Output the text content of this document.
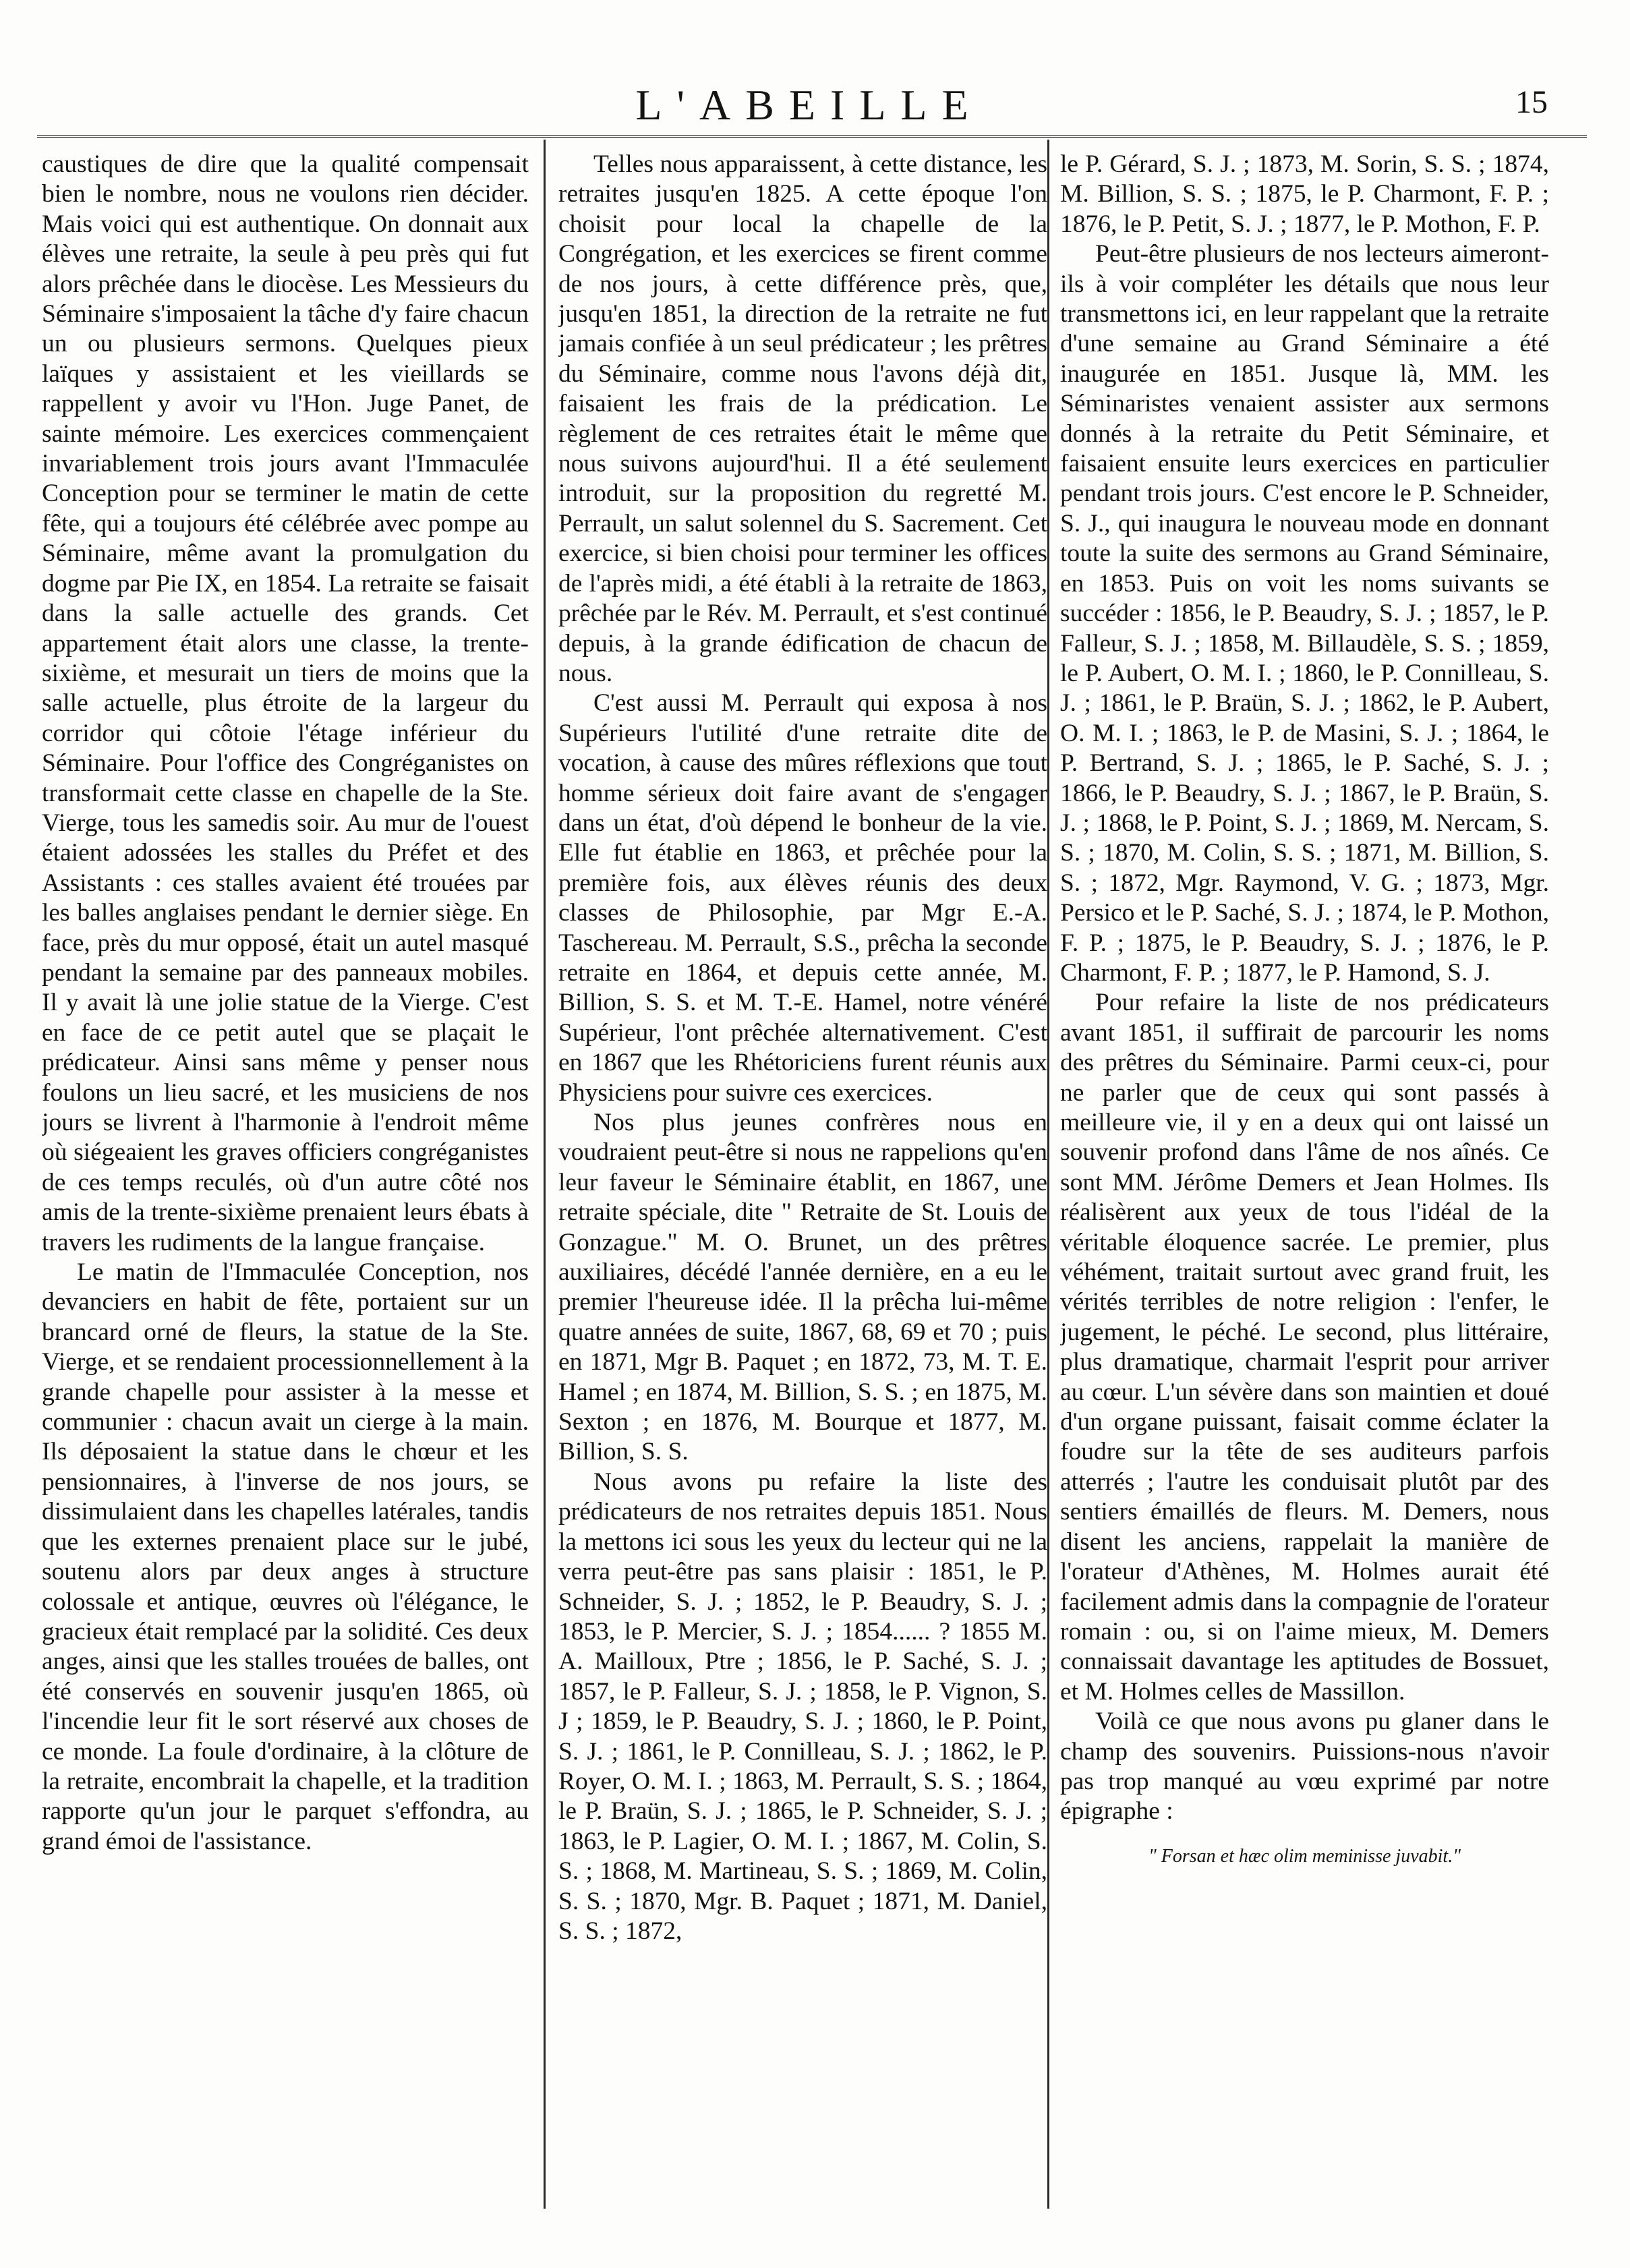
L'ABEILLE	15

caustiques de dire que la qualité compensait bien le nombre, nous ne voulons rien décider. Mais voici qui est authentique. On donnait aux élèves une retraite, la seule à peu près qui fut alors prêchée dans le diocèse. Les Messieurs du Séminaire s'imposaient la tâche d'y faire chacun un ou plusieurs sermons. Quelques pieux laïques y assistaient et les vieillards se rappellent y avoir vu l'Hon. Juge Panet, de sainte mémoire. Les exercices commençaient invariablement trois jours avant l'Immaculée Conception pour se terminer le matin de cette fête, qui a toujours été célébrée avec pompe au Séminaire, même avant la promulgation du dogme par Pie IX, en 1854. La retraite se faisait dans la salle actuelle des grands. Cet appartement était alors une classe, la trente-sixième, et mesurait un tiers de moins que la salle actuelle, plus étroite de la largeur du corridor qui côtoie l'étage inférieur du Séminaire. Pour l'office des Congréganistes on transformait cette classe en chapelle de la Ste. Vierge, tous les samedis soir. Au mur de l'ouest étaient adossées les stalles du Préfet et des Assistants : ces stalles avaient été trouées par les balles anglaises pendant le dernier siège. En face, près du mur opposé, était un autel masqué pendant la semaine par des panneaux mobiles. Il y avait là une jolie statue de la Vierge. C'est en face de ce petit autel que se plaçait le prédicateur. Ainsi sans même y penser nous foulons un lieu sacré, et les musiciens de nos jours se livrent à l'harmonie à l'endroit même où siégeaient les graves officiers congréganistes de ces temps reculés, où d'un autre côté nos amis de la trente-sixième prenaient leurs ébats à travers les rudiments de la langue française.

Le matin de l'Immaculée Conception, nos devanciers en habit de fête, portaient sur un brancard orné de fleurs, la statue de la Ste. Vierge, et se rendaient processionnellement à la grande chapelle pour assister à la messe et communier : chacun avait un cierge à la main. Ils déposaient la statue dans le chœur et les pensionnaires, à l'inverse de nos jours, se dissimulaient dans les chapelles latérales, tandis que les externes prenaient place sur le jubé, soutenu alors par deux anges à structure colossale et antique, œuvres où l'élégance, le gracieux était remplacé par la solidité. Ces deux anges, ainsi que les stalles trouées de balles, ont été conservés en souvenir jusqu'en 1865, où l'incendie leur fit le sort réservé aux choses de ce monde. La foule d'ordinaire, à la clôture de la retraite, encombrait la chapelle, et la tradition rapporte qu'un jour le parquet s'effondra, au grand émoi de l'assistance.

Telles nous apparaissent, à cette distance, les retraites jusqu'en 1825. A cette époque l'on choisit pour local la chapelle de la Congrégation, et les exercices se firent comme de nos jours, à cette différence près, que, jusqu'en 1851, la direction de la retraite ne fut jamais confiée à un seul prédicateur ; les prêtres du Séminaire, comme nous l'avons déjà dit, faisaient les frais de la prédication. Le règlement de ces retraites était le même que nous suivons aujourd'hui. Il a été seulement introduit, sur la proposition du regretté M. Perrault, un salut solennel du S. Sacrement. Cet exercice, si bien choisi pour terminer les offices de l'après midi, a été établi à la retraite de 1863, prêchée par le Rév. M. Perrault, et s'est continué depuis, à la grande édification de chacun de nous.

C'est aussi M. Perrault qui exposa à nos Supérieurs l'utilité d'une retraite dite de vocation, à cause des mûres réflexions que tout homme sérieux doit faire avant de s'engager dans un état, d'où dépend le bonheur de la vie. Elle fut établie en 1863, et prêchée pour la première fois, aux élèves réunis des deux classes de Philosophie, par Mgr E.-A. Taschereau. M. Perrault, S.S., prêcha la seconde retraite en 1864, et depuis cette année, M. Billion, S. S. et M. T.-E. Hamel, notre vénéré Supérieur, l'ont prêchée alternativement. C'est en 1867 que les Rhétoriciens furent réunis aux Physiciens pour suivre ces exercices.

Nos plus jeunes confrères nous en voudraient peut-être si nous ne rappelions qu'en leur faveur le Séminaire établit, en 1867, une retraite spéciale, dite " Retraite de St. Louis de Gonzague." M. O. Brunet, un des prêtres auxiliaires, décédé l'année dernière, en a eu le premier l'heureuse idée. Il la prêcha lui-même quatre années de suite, 1867, 68, 69 et 70 ; puis en 1871, Mgr B. Paquet ; en 1872, 73, M. T. E. Hamel ; en 1874, M. Billion, S. S. ; en 1875, M. Sexton ; en 1876, M. Bourque et 1877, M. Billion, S. S.

Nous avons pu refaire la liste des prédicateurs de nos retraites depuis 1851. Nous la mettons ici sous les yeux du lecteur qui ne la verra peut-être pas sans plaisir : 1851, le P. Schneider, S. J. ; 1852, le P. Beaudry, S. J. ; 1853, le P. Mercier, S. J. ; 1854...... ? 1855 M. A. Mailloux, Ptre ; 1856, le P. Saché, S. J. ; 1857, le P. Falleur, S. J. ; 1858, le P. Vignon, S. J ; 1859, le P. Beaudry, S. J. ; 1860, le P. Point, S. J. ; 1861, le P. Connilleau, S. J. ; 1862, le P. Royer, O. M. I. ; 1863, M. Perrault, S. S. ; 1864, le P. Braün, S. J. ; 1865, le P. Schneider, S. J. ; 1863, le P. Lagier, O. M. I. ; 1867, M. Colin, S. S. ; 1868, M. Martineau, S. S. ; 1869, M. Colin, S. S. ; 1870, Mgr. B. Paquet ; 1871, M. Daniel, S. S. ; 1872,

le P. Gérard, S. J. ; 1873, M. Sorin, S. S. ; 1874, M. Billion, S. S. ; 1875, le P. Charmont, F. P. ; 1876, le P. Petit, S. J. ; 1877, le P. Mothon, F. P.

Peut-être plusieurs de nos lecteurs aimeront-ils à voir compléter les détails que nous leur transmettons ici, en leur rappelant que la retraite d'une semaine au Grand Séminaire a été inaugurée en 1851. Jusque là, MM. les Séminaristes venaient assister aux sermons donnés à la retraite du Petit Séminaire, et faisaient ensuite leurs exercices en particulier pendant trois jours. C'est encore le P. Schneider, S. J., qui inaugura le nouveau mode en donnant toute la suite des sermons au Grand Séminaire, en 1853. Puis on voit les noms suivants se succéder : 1856, le P. Beaudry, S. J. ; 1857, le P. Falleur, S. J. ; 1858, M. Billaudèle, S. S. ; 1859, le P. Aubert, O. M. I. ; 1860, le P. Connilleau, S. J. ; 1861, le P. Braün, S. J. ; 1862, le P. Aubert, O. M. I. ; 1863, le P. de Masini, S. J. ; 1864, le P. Bertrand, S. J. ; 1865, le P. Saché, S. J. ; 1866, le P. Beaudry, S. J. ; 1867, le P. Braün, S. J. ; 1868, le P. Point, S. J. ; 1869, M. Nercam, S. S. ; 1870, M. Colin, S. S. ; 1871, M. Billion, S. S. ; 1872, Mgr. Raymond, V. G. ; 1873, Mgr. Persico et le P. Saché, S. J. ; 1874, le P. Mothon, F. P. ; 1875, le P. Beaudry, S. J. ; 1876, le P. Charmont, F. P. ; 1877, le P. Hamond, S. J.

Pour refaire la liste de nos prédicateurs avant 1851, il suffirait de parcourir les noms des prêtres du Séminaire. Parmi ceux-ci, pour ne parler que de ceux qui sont passés à meilleure vie, il y en a deux qui ont laissé un souvenir profond dans l'âme de nos aînés. Ce sont MM. Jérôme Demers et Jean Holmes. Ils réalisèrent aux yeux de tous l'idéal de la véritable éloquence sacrée. Le premier, plus véhément, traitait surtout avec grand fruit, les vérités terribles de notre religion : l'enfer, le jugement, le péché. Le second, plus littéraire, plus dramatique, charmait l'esprit pour arriver au cœur. L'un sévère dans son maintien et doué d'un organe puissant, faisait comme éclater la foudre sur la tête de ses auditeurs parfois atterrés ; l'autre les conduisait plutôt par des sentiers émaillés de fleurs. M. Demers, nous disent les anciens, rappelait la manière de l'orateur d'Athènes, M. Holmes aurait été facilement admis dans la compagnie de l'orateur romain : ou, si on l'aime mieux, M. Demers connaissait davantage les aptitudes de Bossuet, et M. Holmes celles de Massillon.

Voilà ce que nous avons pu glaner dans le champ des souvenirs. Puissions-nous n'avoir pas trop manqué au vœu exprimé par notre épigraphe :

" Forsan et hæc olim meminisse juvabit."
